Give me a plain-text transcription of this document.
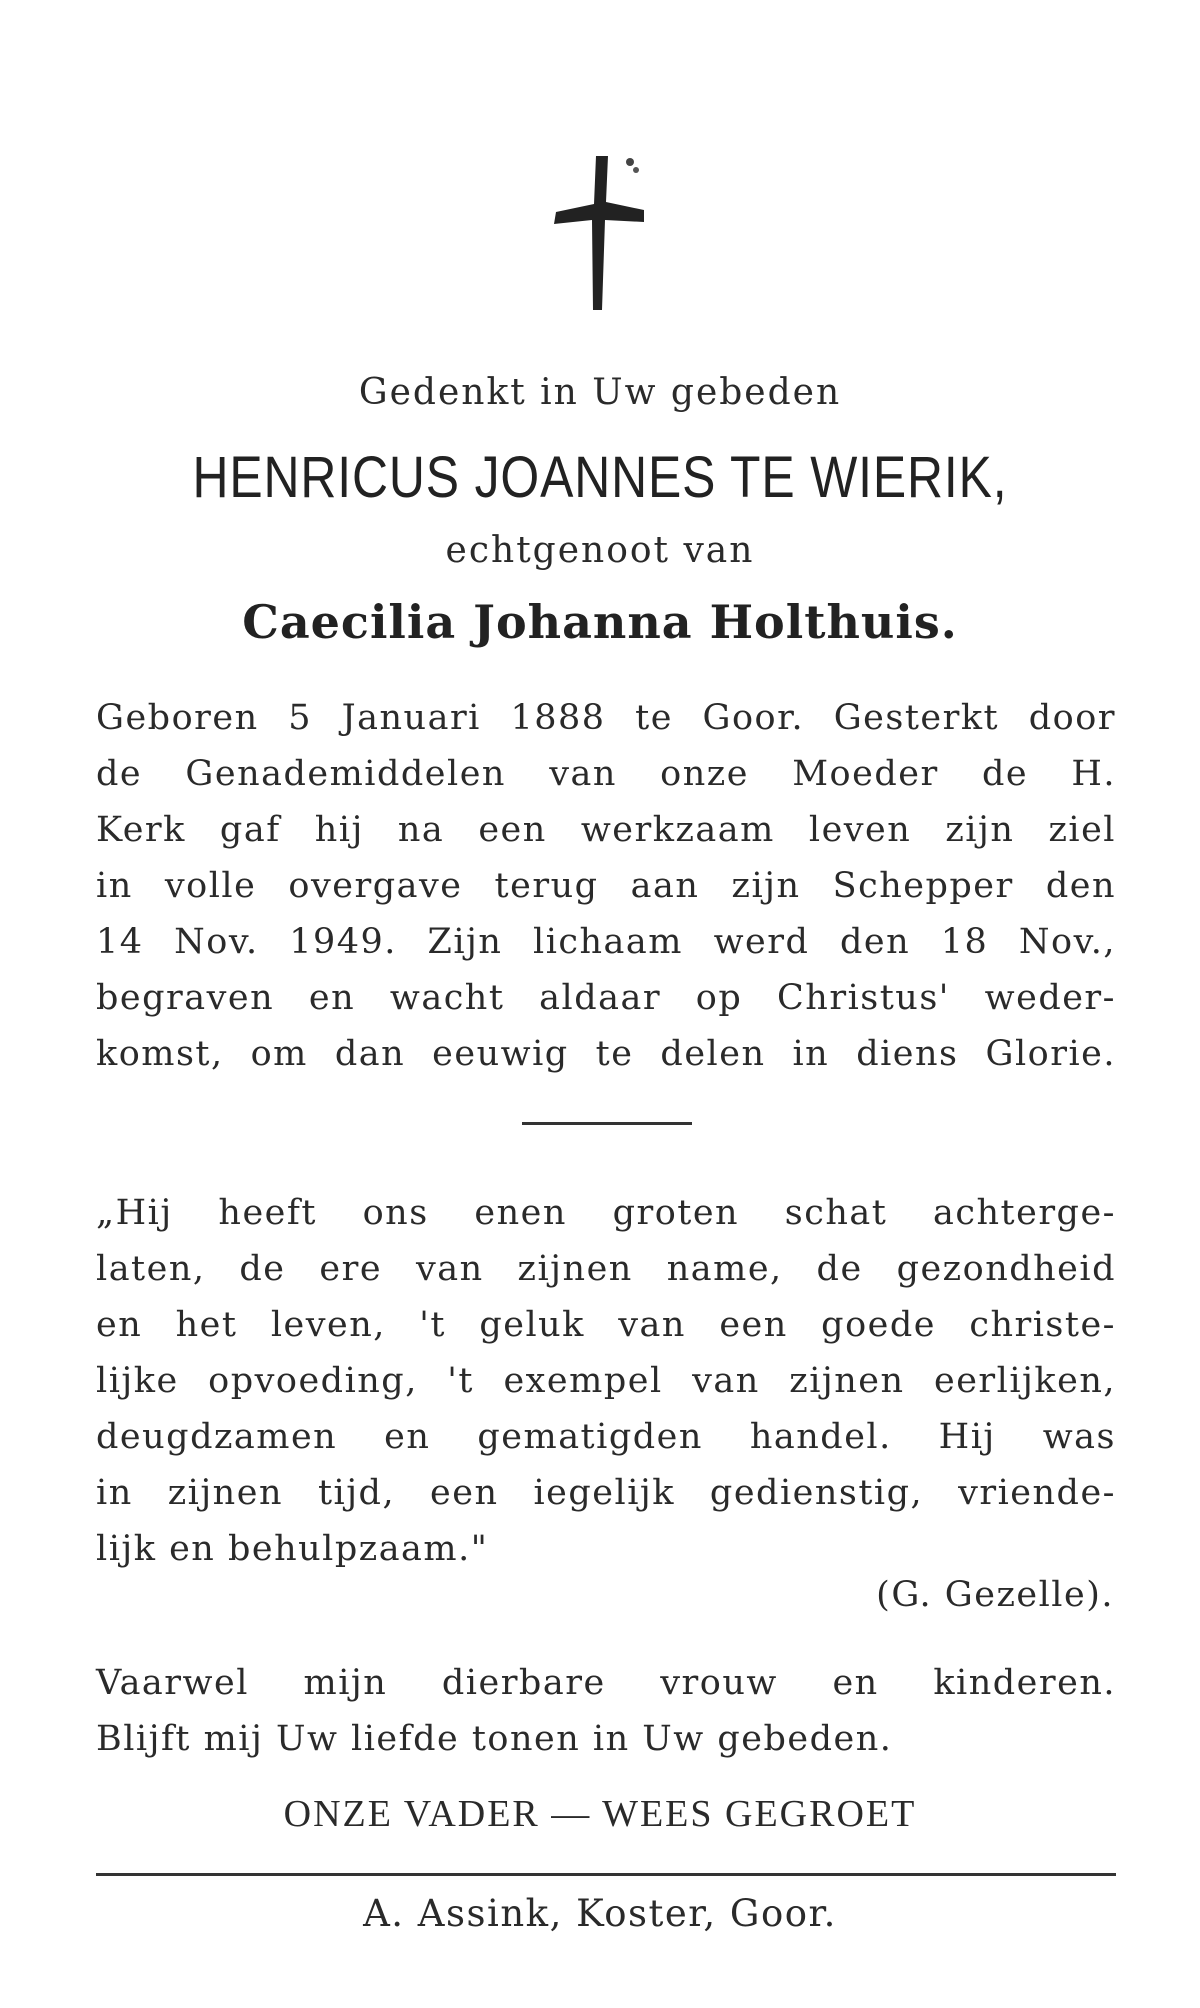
Gedenkt in Uw gebeden
HENRICUS JOANNES TE WIERIK,
echtgenoot van
Caecilia Johanna Holthuis.
Geboren 5 Januari 1888 te Goor. Gesterkt door
de Genademiddelen van onze Moeder de H.
Kerk gaf hij na een werkzaam leven zijn ziel
in volle overgave terug aan zijn Schepper den
14 Nov. 1949. Zijn lichaam werd den 18 Nov.,
begraven en wacht aldaar op Christus' weder-
komst, om dan eeuwig te delen in diens Glorie.
„Hij heeft ons enen groten schat achterge-
laten, de ere van zijnen name, de gezondheid
en het leven, 't geluk van een goede christe-
lijke opvoeding, 't exempel van zijnen eerlijken,
deugdzamen en gematigden handel. Hij was
in zijnen tijd, een iegelijk gedienstig, vriende-
lijk en behulpzaam."
(G. Gezelle).
Vaarwel mijn dierbare vrouw en kinderen.
Blijft mij Uw liefde tonen in Uw gebeden.
ONZE VADER — WEES GEGROET
A. Assink, Koster, Goor.
